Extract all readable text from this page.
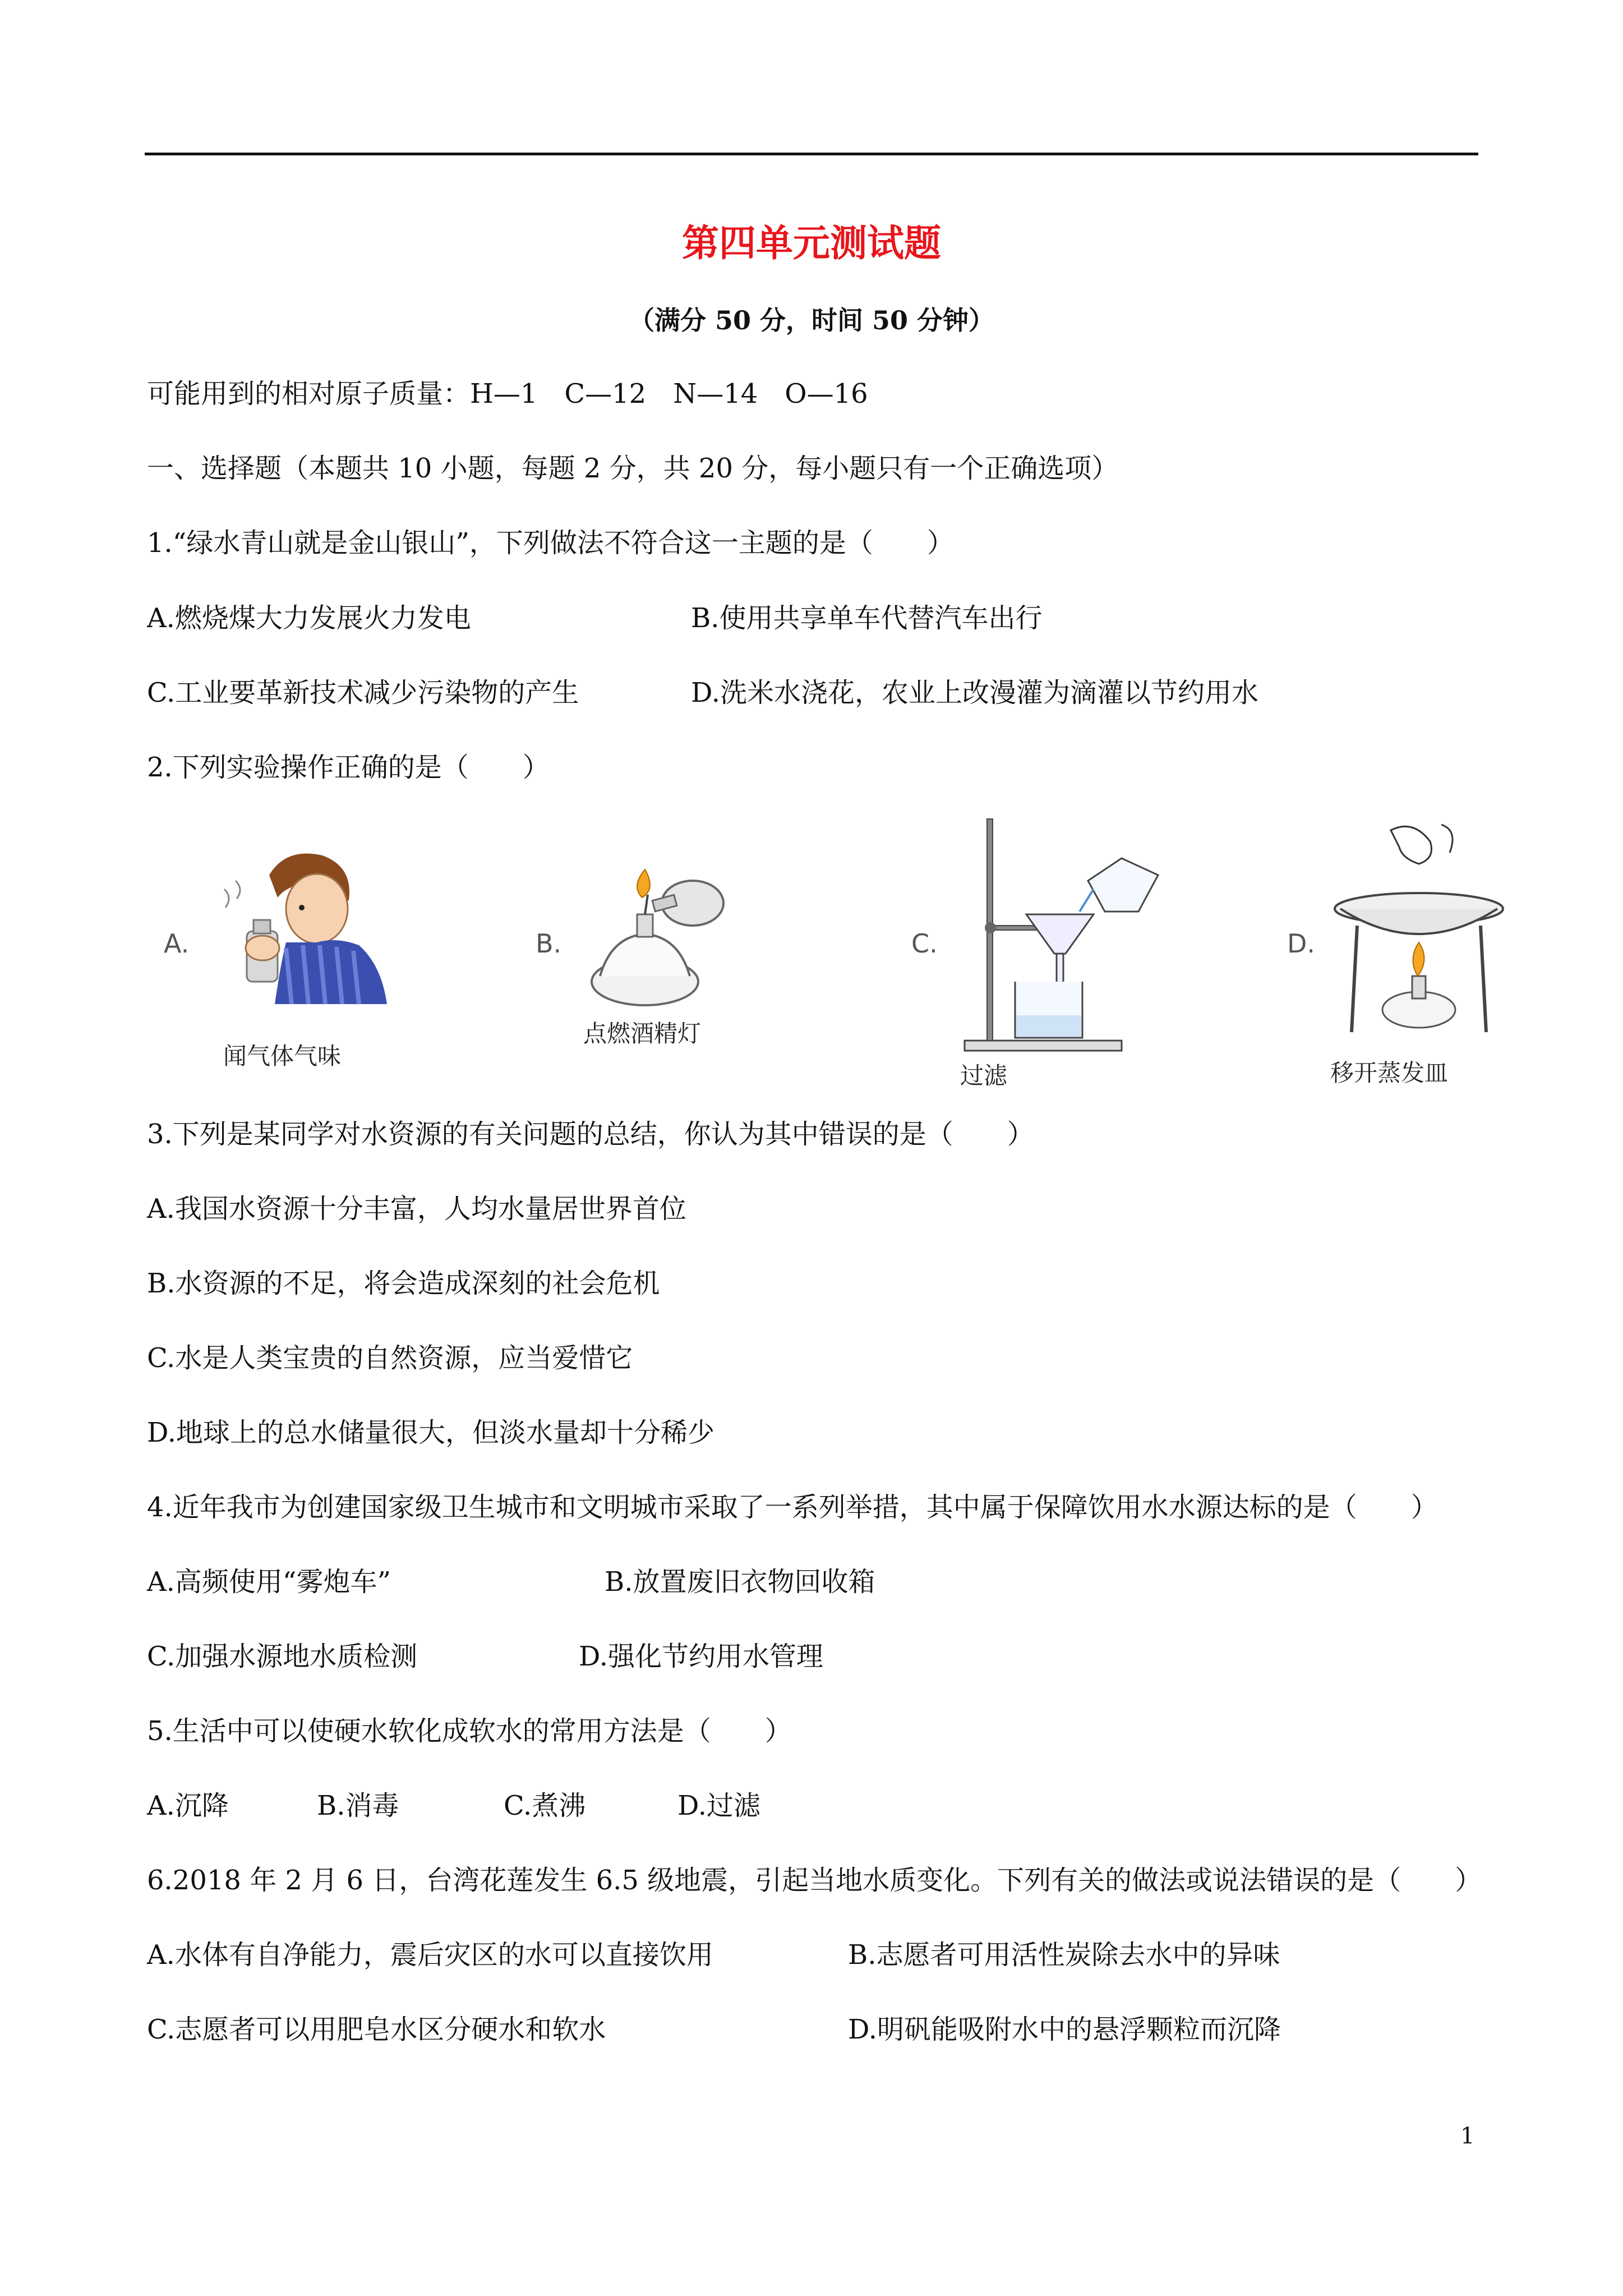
第四单元测试题
（满分 50 分，时间 50 分钟）
可能用到的相对原子质量：H—1　C—12　N—14　O—16
一、选择题（本题共 10 小题，每题 2 分，共 20 分，每小题只有一个正确选项）
1.“绿水青山就是金山银山”，下列做法不符合这一主题的是（　　）
A.燃烧煤大力发展火力发电	B.使用共享单车代替汽车出行
C.工业要革新技术减少污染物的产生	D.洗米水浇花，农业上改漫灌为滴灌以节约用水
2.下列实验操作正确的是（　　）
A.
闻气体气味
B.
点燃酒精灯
C.
过滤
D.
移开蒸发皿
3.下列是某同学对水资源的有关问题的总结，你认为其中错误的是（　　）
A.我国水资源十分丰富，人均水量居世界首位
B.水资源的不足，将会造成深刻的社会危机
C.水是人类宝贵的自然资源，应当爱惜它
D.地球上的总水储量很大，但淡水量却十分稀少
4.近年我市为创建国家级卫生城市和文明城市采取了一系列举措，其中属于保障饮用水水源达标的是（　　）
A.高频使用“雾炮车”	B.放置废旧衣物回收箱
C.加强水源地水质检测	D.强化节约用水管理
5.生活中可以使硬水软化成软水的常用方法是（　　）
A.沉降	B.消毒	C.煮沸	D.过滤
6.2018 年 2 月 6 日，台湾花莲发生 6.5 级地震，引起当地水质变化。下列有关的做法或说法错误的是（　　）
A.水体有自净能力，震后灾区的水可以直接饮用	B.志愿者可用活性炭除去水中的异味
C.志愿者可以用肥皂水区分硬水和软水	D.明矾能吸附水中的悬浮颗粒而沉降
1
